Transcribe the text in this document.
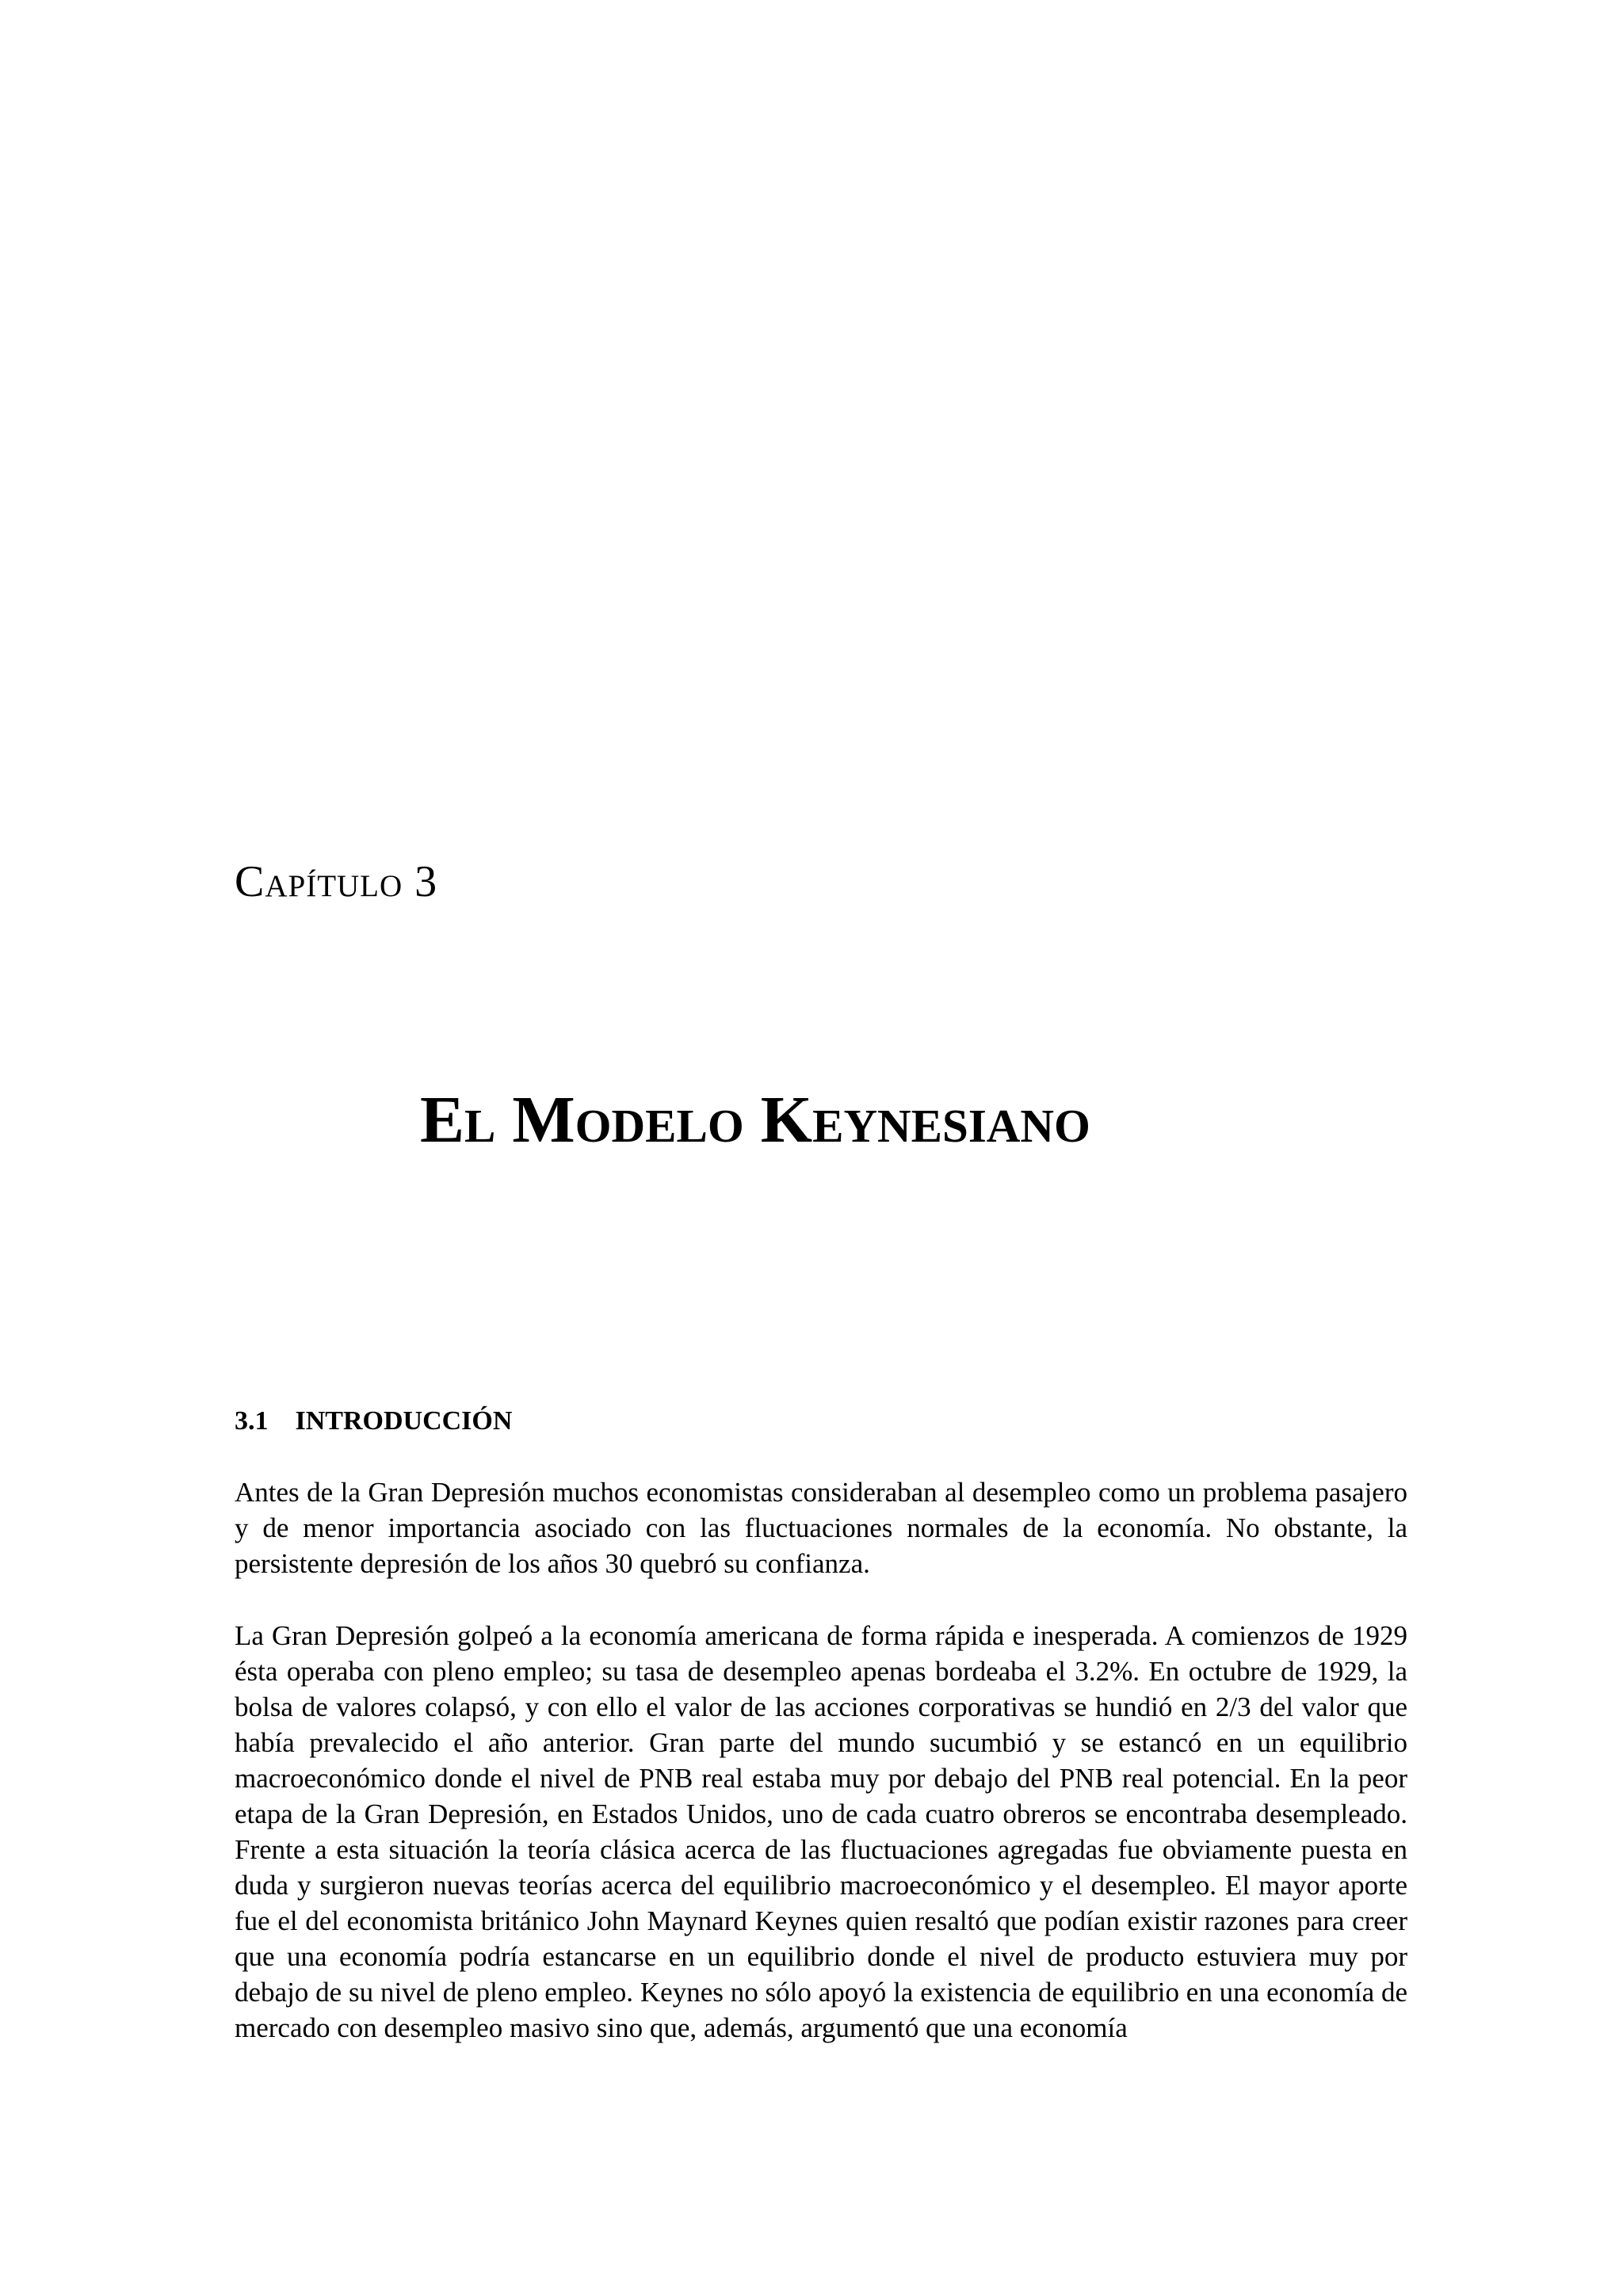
Capítulo 3
El Modelo Keynesiano
3.1 INTRODUCCIÓN
Antes de la Gran Depresión muchos economistas consideraban al desempleo como un problema pasajero y de menor importancia asociado con las fluctuaciones normales de la economía. No obstante, la persistente depresión de los años 30 quebró su confianza.
La Gran Depresión golpeó a la economía americana de forma rápida e inesperada. A comienzos de 1929 ésta operaba con pleno empleo; su tasa de desempleo apenas bordeaba el 3.2%. En octubre de 1929, la bolsa de valores colapsó, y con ello el valor de las acciones corporativas se hundió en 2/3 del valor que había prevalecido el año anterior. Gran parte del mundo sucumbió y se estancó en un equilibrio macroeconómico donde el nivel de PNB real estaba muy por debajo del PNB real potencial. En la peor etapa de la Gran Depresión, en Estados Unidos, uno de cada cuatro obreros se encontraba desempleado. Frente a esta situación la teoría clásica acerca de las fluctuaciones agregadas fue obviamente puesta en duda y surgieron nuevas teorías acerca del equilibrio macroeconómico y el desempleo. El mayor aporte fue el del economista británico John Maynard Keynes quien resaltó que podían existir razones para creer que una economía podría estancarse en un equilibrio donde el nivel de producto estuviera muy por debajo de su nivel de pleno empleo. Keynes no sólo apoyó la existencia de equilibrio en una economía de mercado con desempleo masivo sino que, además, argumentó que una economía
